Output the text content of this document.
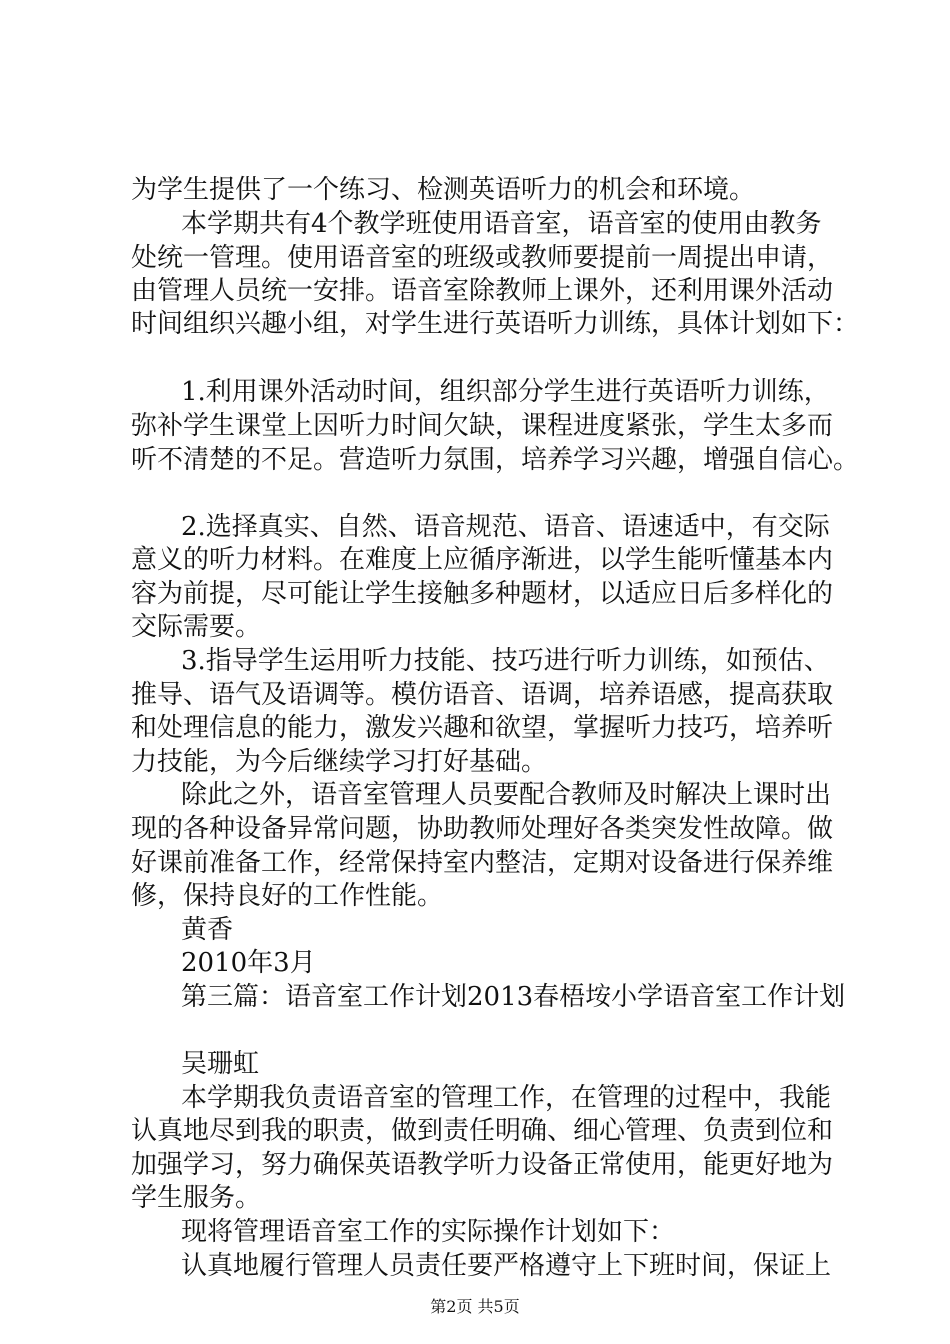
为学生提供了一个练习、检测英语听力的机会和环境。
本学期共有4个教学班使用语音室，语音室的使用由教务
处统一管理。使用语音室的班级或教师要提前一周提出申请，
由管理人员统一安排。语音室除教师上课外，还利用课外活动
时间组织兴趣小组，对学生进行英语听力训练，具体计划如下：
1.利用课外活动时间，组织部分学生进行英语听力训练，
弥补学生课堂上因听力时间欠缺，课程进度紧张，学生太多而
听不清楚的不足。营造听力氛围，培养学习兴趣，增强自信心。
2.选择真实、自然、语音规范、语音、语速适中，有交际
意义的听力材料。在难度上应循序渐进，以学生能听懂基本内
容为前提，尽可能让学生接触多种题材，以适应日后多样化的
交际需要。
3.指导学生运用听力技能、技巧进行听力训练，如预估、
推导、语气及语调等。模仿语音、语调，培养语感，提高获取
和处理信息的能力，激发兴趣和欲望，掌握听力技巧，培养听
力技能，为今后继续学习打好基础。
除此之外，语音室管理人员要配合教师及时解决上课时出
现的各种设备异常问题，协助教师处理好各类突发性故障。做
好课前准备工作，经常保持室内整洁，定期对设备进行保养维
修，保持良好的工作性能。
黄香
2010年3月
第三篇：语音室工作计划2013春梧垵小学语音室工作计划
吴珊虹
本学期我负责语音室的管理工作，在管理的过程中，我能
认真地尽到我的职责，做到责任明确、细心管理、负责到位和
加强学习，努力确保英语教学听力设备正常使用，能更好地为
学生服务。
现将管理语音室工作的实际操作计划如下：
认真地履行管理人员责任要严格遵守上下班时间，保证上
第2页 共5页
